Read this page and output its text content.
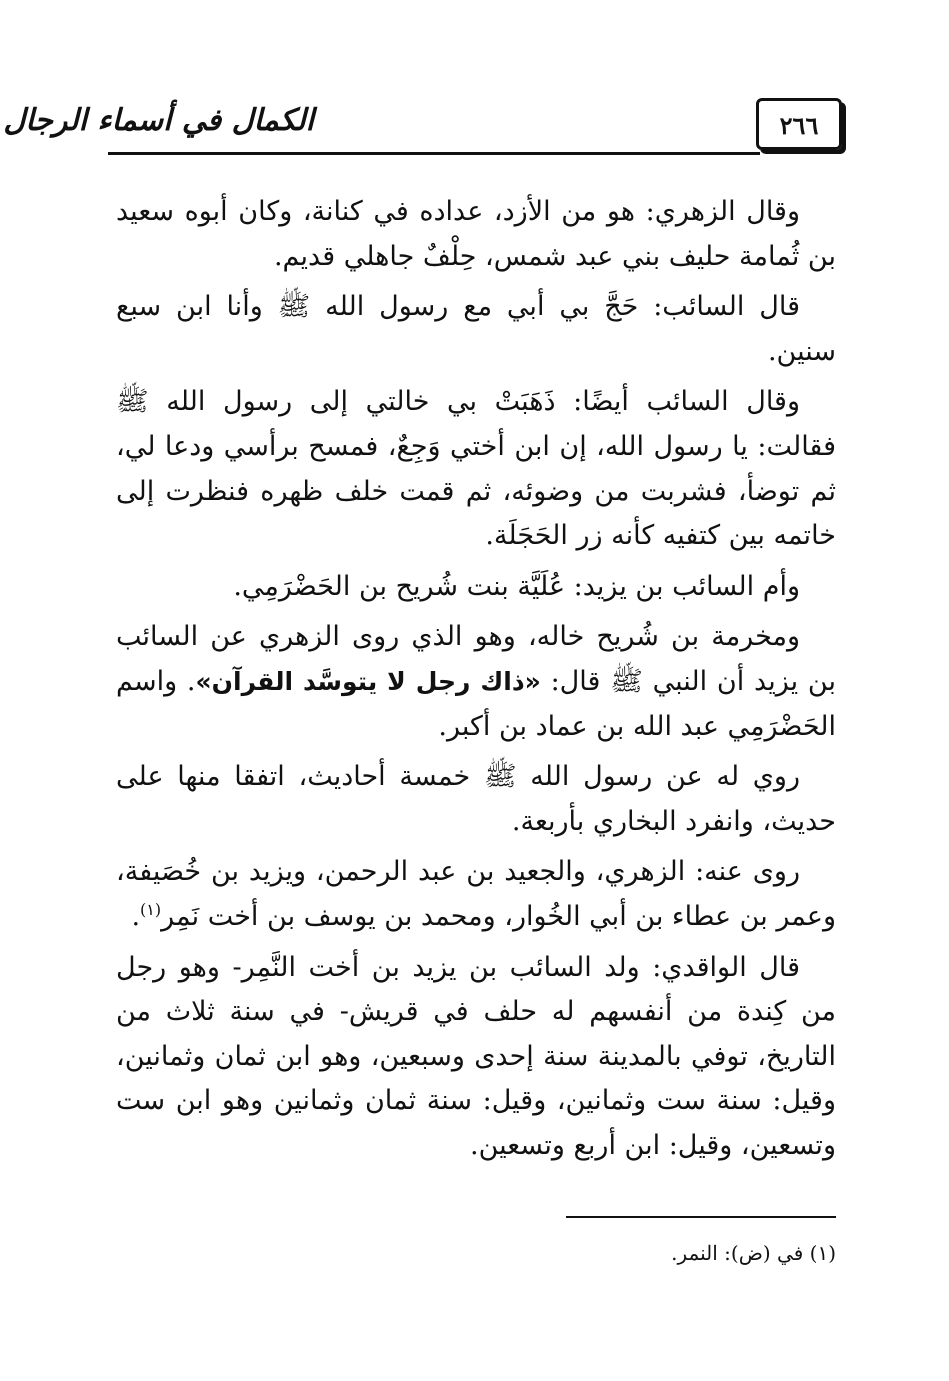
٢٦٦
الكمال في أسماء الرجال

وقال الزهري: هو من الأزد، عداده في كنانة، وكان أبوه سعيد بن ثُمامة حليف بني عبد شمس، حِلْفٌ جاهلي قديم.

قال السائب: حَجَّ بي أبي مع رسول الله ﷺ وأنا ابن سبع سنين.

وقال السائب أيضًا: ذَهَبَتْ بي خالتي إلى رسول الله ﷺ فقالت: يا رسول الله، إن ابن أختي وَجِعٌ، فمسح برأسي ودعا لي، ثم توضأ، فشربت من وضوئه، ثم قمت خلف ظهره فنظرت إلى خاتمه بين كتفيه كأنه زر الحَجَلَة.

وأم السائب بن يزيد: عُلَيَّة بنت شُريح بن الحَضْرَمِي.

ومخرمة بن شُريح خاله، وهو الذي روى الزهري عن السائب بن يزيد أن النبي ﷺ قال: «ذاك رجل لا يتوسَّد القرآن». واسم الحَضْرَمِي عبد الله بن عماد بن أكبر.

روي له عن رسول الله ﷺ خمسة أحاديث، اتفقا منها على حديث، وانفرد البخاري بأربعة.

روى عنه: الزهري، والجعيد بن عبد الرحمن، ويزيد بن خُصَيفة، وعمر بن عطاء بن أبي الخُوار، ومحمد بن يوسف بن أخت نَمِر$^{(١)}$.

قال الواقدي: ولد السائب بن يزيد بن أخت النَّمِر- وهو رجل من كِندة من أنفسهم له حلف في قريش- في سنة ثلاث من التاريخ، توفي بالمدينة سنة إحدى وسبعين، وهو ابن ثمان وثمانين، وقيل: سنة ست وثمانين، وقيل: سنة ثمان وثمانين وهو ابن ست وتسعين، وقيل: ابن أربع وتسعين.

(١) في (ض): النمر.
